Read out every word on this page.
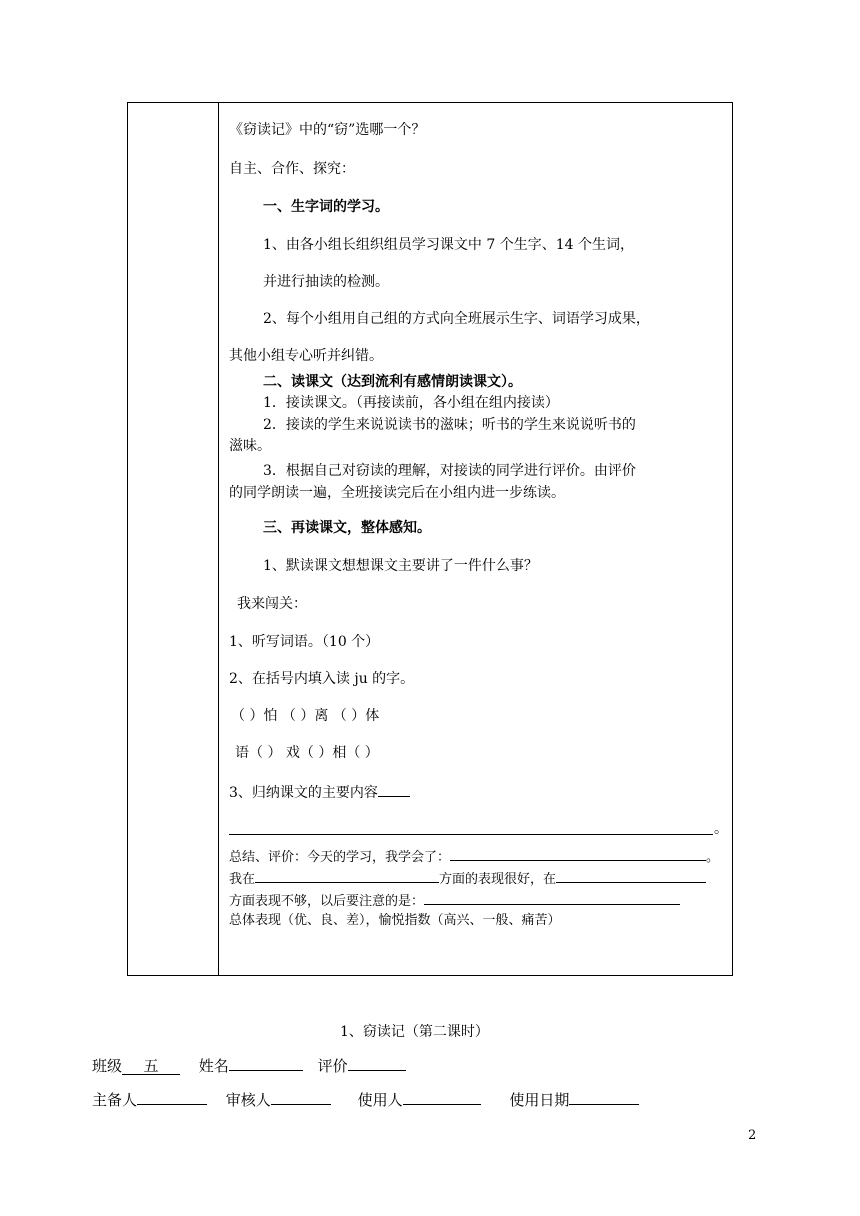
《窃读记》中的“窃”选哪一个？
自主、合作、探究：
一、生字词的学习。
1、由各小组长组织组员学习课文中 7 个生字、14 个生词，
并进行抽读的检测。
2、每个小组用自己组的方式向全班展示生字、词语学习成果，
其他小组专心听并纠错。
二、读课文（达到流利有感情朗读课文）。
1．接读课文。（再接读前，各小组在组内接读）
2．接读的学生来说说读书的滋味；听书的学生来说说听书的
滋味。
3．根据自己对窃读的理解，对接读的同学进行评价。由评价
的同学朗读一遍，全班接读完后在小组内进一步练读。
三、再读课文，整体感知。
1、默读课文想想课文主要讲了一件什么事？
我来闯关：
1、听写词语。（10 个）
2、在括号内填入读 ju 的字。
（ ）怕 （ ）离 （ ）体
语（ ） 戏（ ）相（ ）
3、归纳课文的主要内容
。
总结、评价：今天的学习，我学会了：	。
我在	方面的表现很好，在
方面表现不够，以后要注意的是：
总体表现（优、良、差），愉悦指数（高兴、一般、痛苦）
1、窃读记（第二课时）
班级 五	姓名	评价
主备人	审核人	使用人	使用日期
2
